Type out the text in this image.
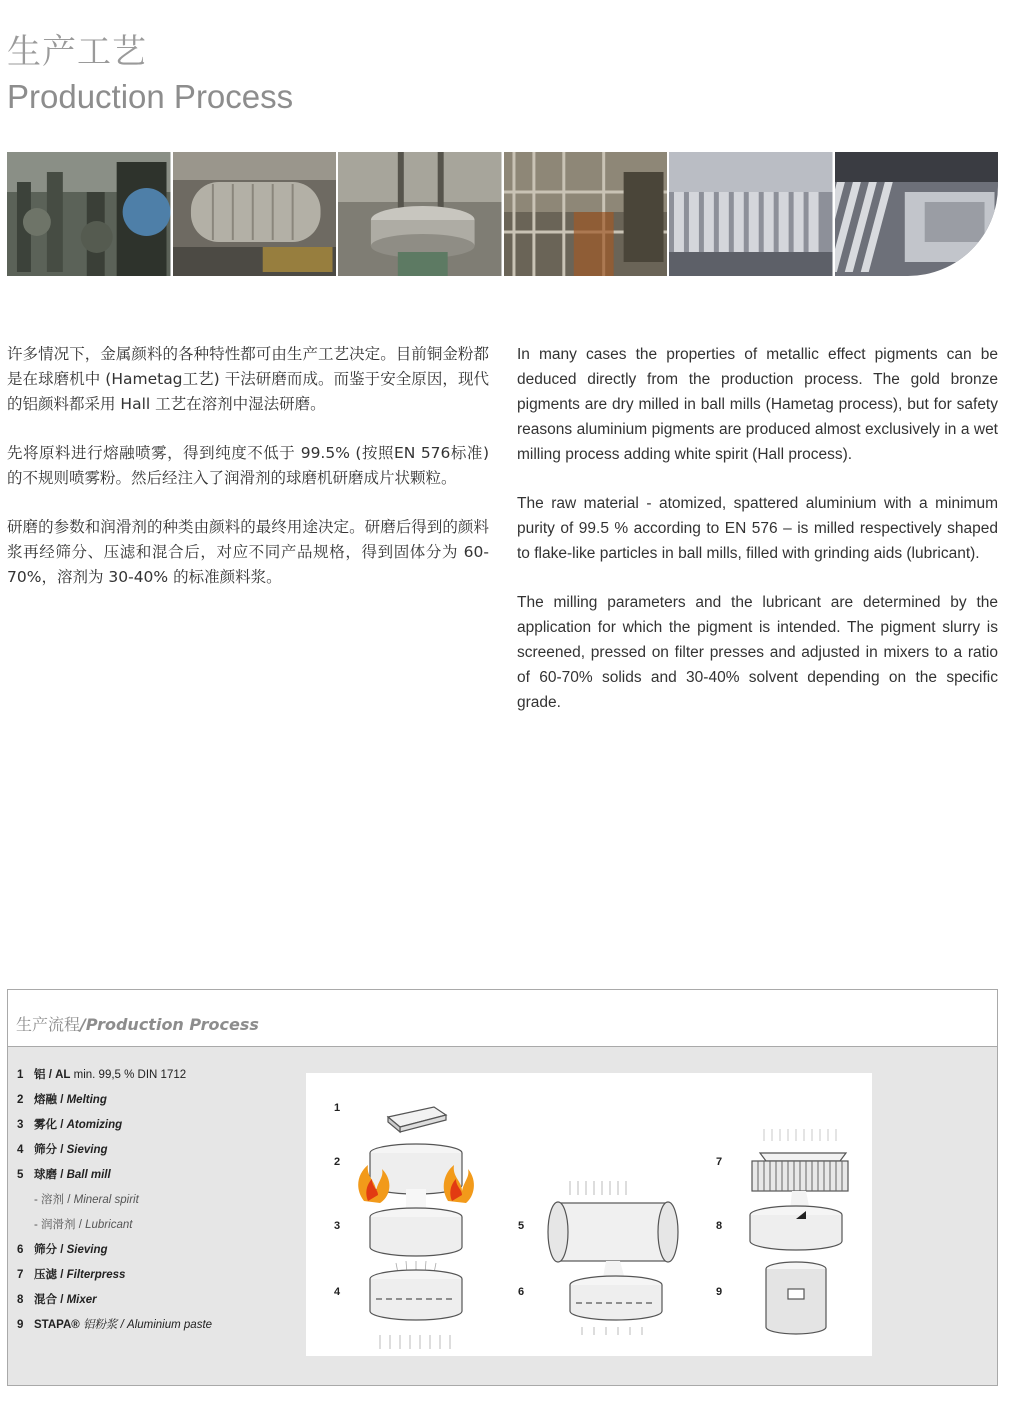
生产工艺
Production Process

许多情况下，金属颜料的各种特性都可由生产工艺决定。目前铜金粉都是在球磨机中 (Hametag工艺) 干法研磨而成。而鉴于安全原因，现代的铝颜料都采用 Hall 工艺在溶剂中湿法研磨。

先将原料进行熔融喷雾，得到纯度不低于 99.5% (按照EN 576标准) 的不规则喷雾粉。然后经注入了润滑剂的球磨机研磨成片状颗粒。

研磨的参数和润滑剂的种类由颜料的最终用途决定。研磨后得到的颜料浆再经筛分、压滤和混合后，对应不同产品规格，得到固体分为 60-70%，溶剂为 30-40% 的标准颜料浆。

In many cases the properties of metallic effect pigments can be deduced directly from the production process. The gold bronze pigments are dry milled in ball mills (Hametag process), but for safety reasons aluminium pigments are produced almost exclusively in a wet milling process adding white spirit (Hall process).

The raw material - atomized, spattered aluminium with a minimum purity of 99.5 % according to EN 576 – is milled respectively shaped to flake-like particles in ball mills, filled with grinding aids (lubricant).

The milling parameters and the lubricant are determined by the application for which the pigment is intended. The pigment slurry is screened, pressed on filter presses and adjusted in mixers to a ratio of 60-70% solids and 30-40% solvent depending on the specific grade.

生产流程/Production Process
1 铝 / AL min. 99,5 % DIN 1712
2 熔融 / Melting
3 雾化 / Atomizing
4 筛分 / Sieving
5 球磨 / Ball mill
- 溶剂 / Mineral spirit
- 润滑剂 / Lubricant
6 筛分 / Sieving
7 压滤 / Filterpress
8 混合 / Mixer
9 STAPA® 铝粉浆 / Aluminium paste
1
2
3
4
5
6
7
8
9
